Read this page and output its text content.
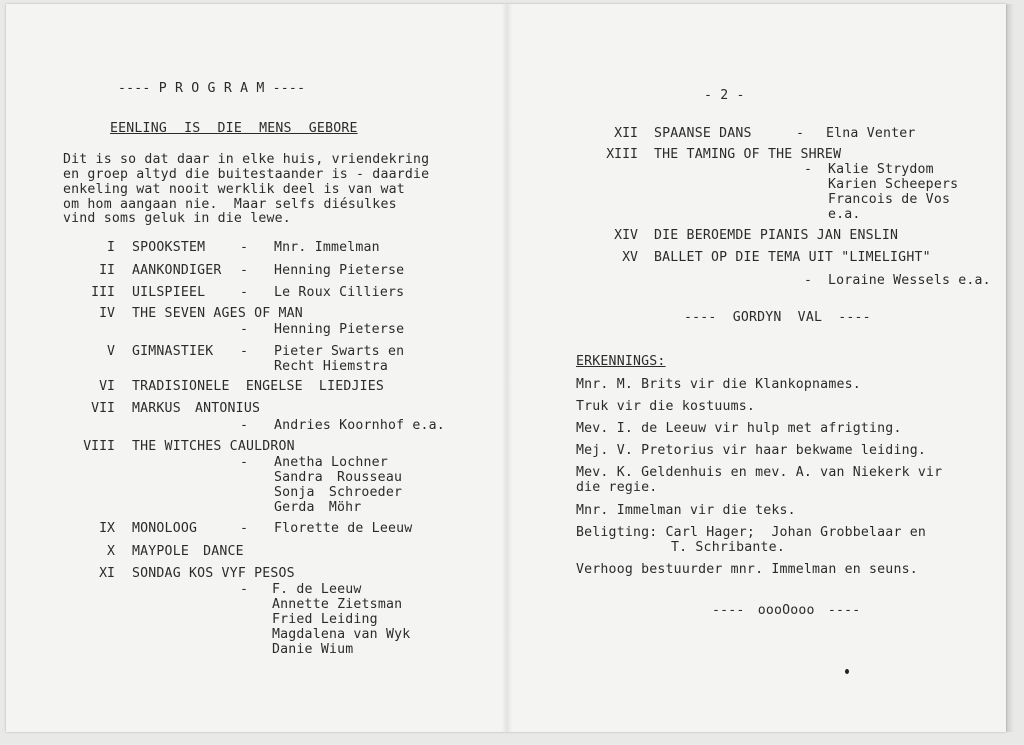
---- P R O G R A M ----
EENLING IS DIE MENS GEBORE
Dit is so dat daar in elke huis, vriendekring
en groep altyd die buitestaander is - daardie
enkeling wat nooit werklik deel is van wat
om hom aangaan nie.  Maar selfs diésulkes
vind soms geluk in die lewe.
I SPOOKSTEM	- Mnr. Immelman
II AANKONDIGER - Henning Pieterse
III UILSPIEEL	- Le Roux Cilliers
IV THE SEVEN AGES OF MAN
- Henning Pieterse
V GIMNASTIEK - Pieter Swarts en
Recht Hiemstra
VI TRADISIONELE ENGELSE LIEDJIES
VII MARKUS ANTONIUS
- Andries Koornhof e.a.
VIII THE WITCHES CAULDRON
- Anetha Lochner
Sandra Rousseau
Sonja Schroeder
Gerda Möhr
IX MONOLOOG	- Florette de Leeuw
X MAYPOLE DANCE
XI SONDAG KOS VYF PESOS
- F. de Leeuw
Annette Zietsman
Fried Leiding
Magdalena van Wyk
Danie Wium
- 2 -
XII SPAANSE DANS	- Elna Venter
XIII THE TAMING OF THE SHREW
- Kalie Strydom
Karien Scheepers
Francois de Vos
e.a.
XIV DIE BEROEMDE PIANIS JAN ENSLIN
XV BALLET OP DIE TEMA UIT "LIMELIGHT"
- Loraine Wessels e.a.
---- GORDYN VAL ----
ERKENNINGS:
Mnr. M. Brits vir die Klankopnames.
Truk vir die kostuums.
Mev. I. de Leeuw vir hulp met afrigting.
Mej. V. Pretorius vir haar bekwame leiding.
Mev. K. Geldenhuis en mev. A. van Niekerk vir
die regie.
Mnr. Immelman vir die teks.
Beligting: Carl Hager;  Johan Grobbelaar en
T. Schribante.
Verhoog bestuurder mnr. Immelman en seuns.
---- oooOooo ----
